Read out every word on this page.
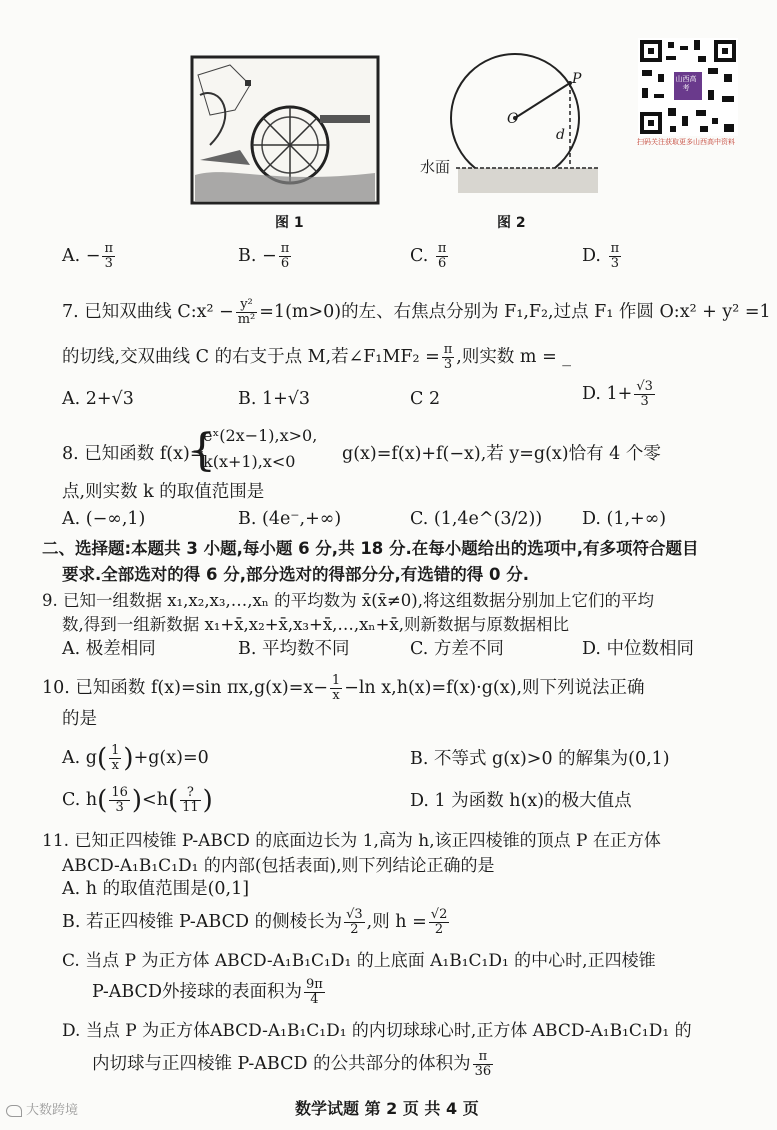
图 1
O
P
d
水面
图 2
山西高考
扫码关注获取更多山西高中资料
A. − $\frac{\pi}{3}$	B. − $\frac{\pi}{6}$	C. $\frac{\pi}{6}$	D. $\frac{\pi}{3}$
7. 已知双曲线 C:x² − $\frac{\text{y²}}{\text{m²}} =1(m>0)$的左、右焦点分别为 F₁,F₂,过点 F₁ 作圆 O:x² + y² =1
的切线,交双曲线 C 的右支于点 M,若∠F₁MF₂ = $\frac{\pi}{3}$ ,则实数 m = _
A. 2+√3	B. 1+√3	C 2	D. $1+ \frac{√3}{3}$
8. 已知函数 f(x)=
{
eˣ(2x−1),x>0,
k(x+1),x<0	g(x)=f(x)+f(−x),若 y=g(x)恰有 4 个零
点,则实数 k 的取值范围是
A. (−∞,1)	B. (4e⁻,+∞)	C. (1,4e^(3/2)) D. (1,+∞)
二、选择题:本题共 3 小题,每小题 6 分,共 18 分.在每小题给出的选项中,有多项符合题目
要求.全部选对的得 6 分,部分选对的得部分分,有选错的得 0 分.
9. 已知一组数据 x₁,x₂,x₃,…,xₙ 的平均数为 x̄(x̄≠0),将这组数据分别加上它们的平均
数,得到一组新数据 x₁+x̄,x₂+x̄,x₃+x̄,…,xₙ+x̄,则新数据与原数据相比
A. 极差相同	B. 平均数不同	C. 方差不同	D. 中位数相同
10. 已知函数 f(x)=sin $\pi x,g(x)=x- \frac{1}{x} -\ln$ x,h(x)=f(x)·g(x),则下列说法正确
的是
A. $g( \frac{1}{x} )+g(x)=0$	B. 不等式 g(x)>0 的解集为(0,1)
C. $h( \frac{16}{3} )<h( \frac{?}{11}$ )	D. 1 为函数 h(x)的极大值点
11. 已知正四棱锥 P-ABCD 的底面边长为 1,高为 h,该正四棱锥的顶点 P 在正方体
ABCD-A₁B₁C₁D₁ 的内部(包括表面),则下列结论正确的是
A. h 的取值范围是(0,1]
B. 若正四棱锥 P-ABCD 的侧棱长为 $\frac{√3}{2}$ ,则 $h = \frac{√2}{2}$
C. 当点 P 为正方体 ABCD-A₁B₁C₁D₁ 的上底面 A₁B₁C₁D₁ 的中心时,正四棱锥
P-ABCD外接球的表面积为 $\frac{9\pi}{4}$
D. 当点 P 为正方体ABCD-A₁B₁C₁D₁ 的内切球球心时,正方体 ABCD-A₁B₁C₁D₁ 的
内切球与正四棱锥 P-ABCD 的公共部分的体积为 $\frac{\pi}{36}$
数学试题 第 2 页 共 4 页
大数跨境
